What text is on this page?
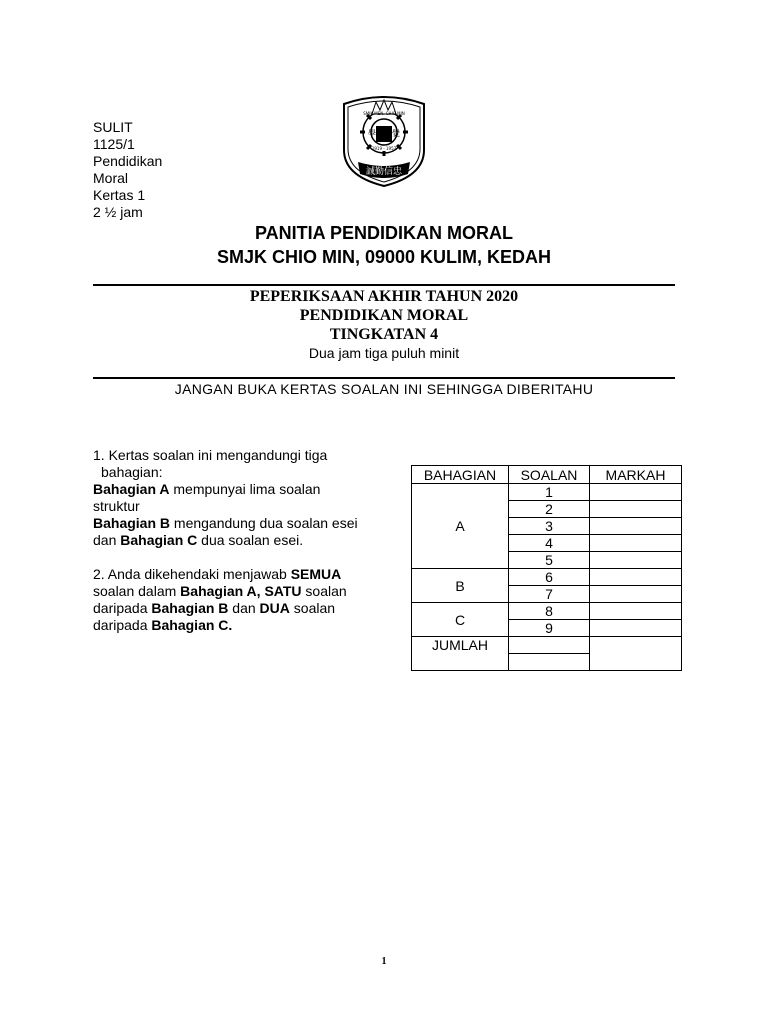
SULIT
1125/1
Pendidikan
Moral
Kertas 1
2 ½ jam
SMJK MEN. CHIO MIN
學中民覺
1919 - 1957
誠勤信忠
PANITIA PENDIDIKAN MORAL
SMJK CHIO MIN, 09000 KULIM, KEDAH
PEPERIKSAAN AKHIR TAHUN 2020
PENDIDIKAN MORAL
TINGKATAN 4
Dua jam tiga puluh minit
JANGAN BUKA KERTAS SOALAN INI SEHINGGA DIBERITAHU

1. Kertas soalan ini mengandungi tiga

bahagian:

Bahagian A mempunyai lima soalan

struktur

Bahagian B mengandung dua soalan esei

dan Bahagian C dua soalan esei.

2. Anda dikehendaki menjawab SEMUA

soalan dalam Bahagian A, SATU soalan

daripada Bahagian B dan DUA soalan

daripada Bahagian C.

BAHAGIAN	SOALAN	MARKAH
A	1	
	2	
	3	
	4	
	5	
B	6	
	7	
C	8	
	9	
JUMLAH		

1
